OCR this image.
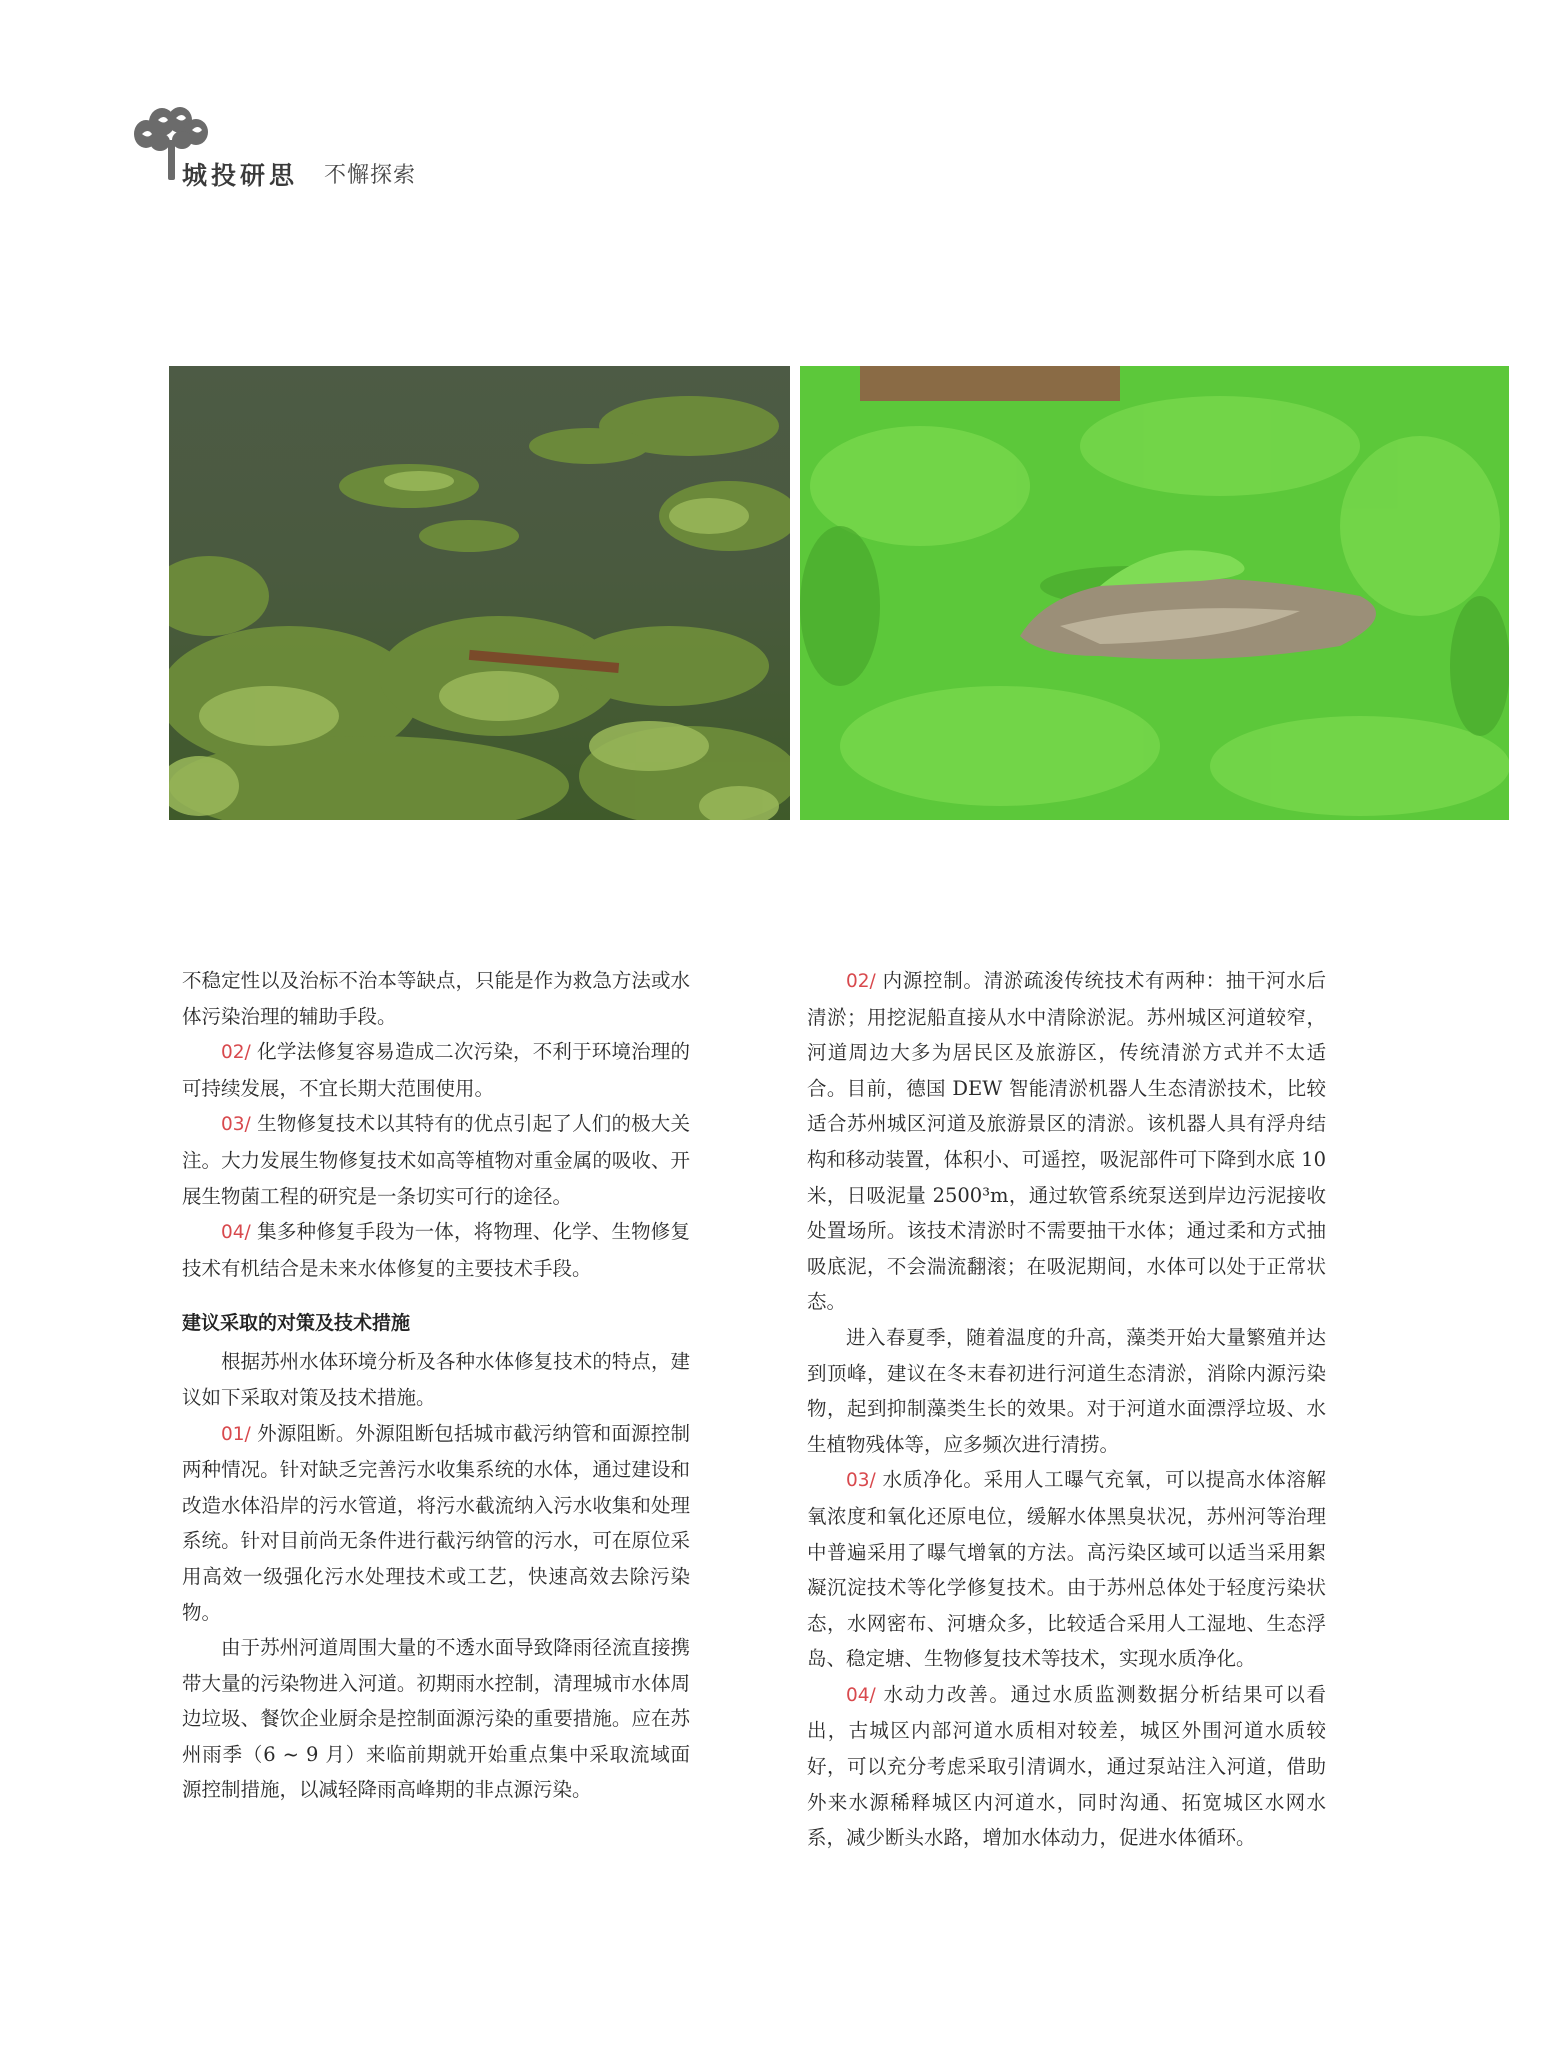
城投研思 不懈探索

不稳定性以及治标不治本等缺点，只能是作为救急方法或水体污染治理的辅助手段。

02/ 化学法修复容易造成二次污染，不利于环境治理的可持续发展，不宜长期大范围使用。

03/ 生物修复技术以其特有的优点引起了人们的极大关注。大力发展生物修复技术如高等植物对重金属的吸收、开展生物菌工程的研究是一条切实可行的途径。

04/ 集多种修复手段为一体，将物理、化学、生物修复技术有机结合是未来水体修复的主要技术手段。

建议采取的对策及技术措施

根据苏州水体环境分析及各种水体修复技术的特点，建议如下采取对策及技术措施。

01/ 外源阻断。外源阻断包括城市截污纳管和面源控制两种情况。针对缺乏完善污水收集系统的水体，通过建设和改造水体沿岸的污水管道，将污水截流纳入污水收集和处理系统。针对目前尚无条件进行截污纳管的污水，可在原位采用高效一级强化污水处理技术或工艺，快速高效去除污染物。

由于苏州河道周围大量的不透水面导致降雨径流直接携带大量的污染物进入河道。初期雨水控制，清理城市水体周边垃圾、餐饮企业厨余是控制面源污染的重要措施。应在苏州雨季（6 ~ 9 月）来临前期就开始重点集中采取流域面源控制措施，以减轻降雨高峰期的非点源污染。

02/ 内源控制。清淤疏浚传统技术有两种：抽干河水后清淤；用挖泥船直接从水中清除淤泥。苏州城区河道较窄，河道周边大多为居民区及旅游区，传统清淤方式并不太适合。目前，德国 DEW 智能清淤机器人生态清淤技术，比较适合苏州城区河道及旅游景区的清淤。该机器人具有浮舟结构和移动装置，体积小、可遥控，吸泥部件可下降到水底 10 米，日吸泥量 2500³m，通过软管系统泵送到岸边污泥接收处置场所。该技术清淤时不需要抽干水体；通过柔和方式抽吸底泥，不会湍流翻滚；在吸泥期间，水体可以处于正常状态。

进入春夏季，随着温度的升高，藻类开始大量繁殖并达到顶峰，建议在冬末春初进行河道生态清淤，消除内源污染物，起到抑制藻类生长的效果。对于河道水面漂浮垃圾、水生植物残体等，应多频次进行清捞。

03/ 水质净化。采用人工曝气充氧，可以提高水体溶解氧浓度和氧化还原电位，缓解水体黑臭状况，苏州河等治理中普遍采用了曝气增氧的方法。高污染区域可以适当采用絮凝沉淀技术等化学修复技术。由于苏州总体处于轻度污染状态，水网密布、河塘众多，比较适合采用人工湿地、生态浮岛、稳定塘、生物修复技术等技术，实现水质净化。

04/ 水动力改善。通过水质监测数据分析结果可以看出，古城区内部河道水质相对较差，城区外围河道水质较好，可以充分考虑采取引清调水，通过泵站注入河道，借助外来水源稀释城区内河道水，同时沟通、拓宽城区水网水系，减少断头水路，增加水体动力，促进水体循环。
